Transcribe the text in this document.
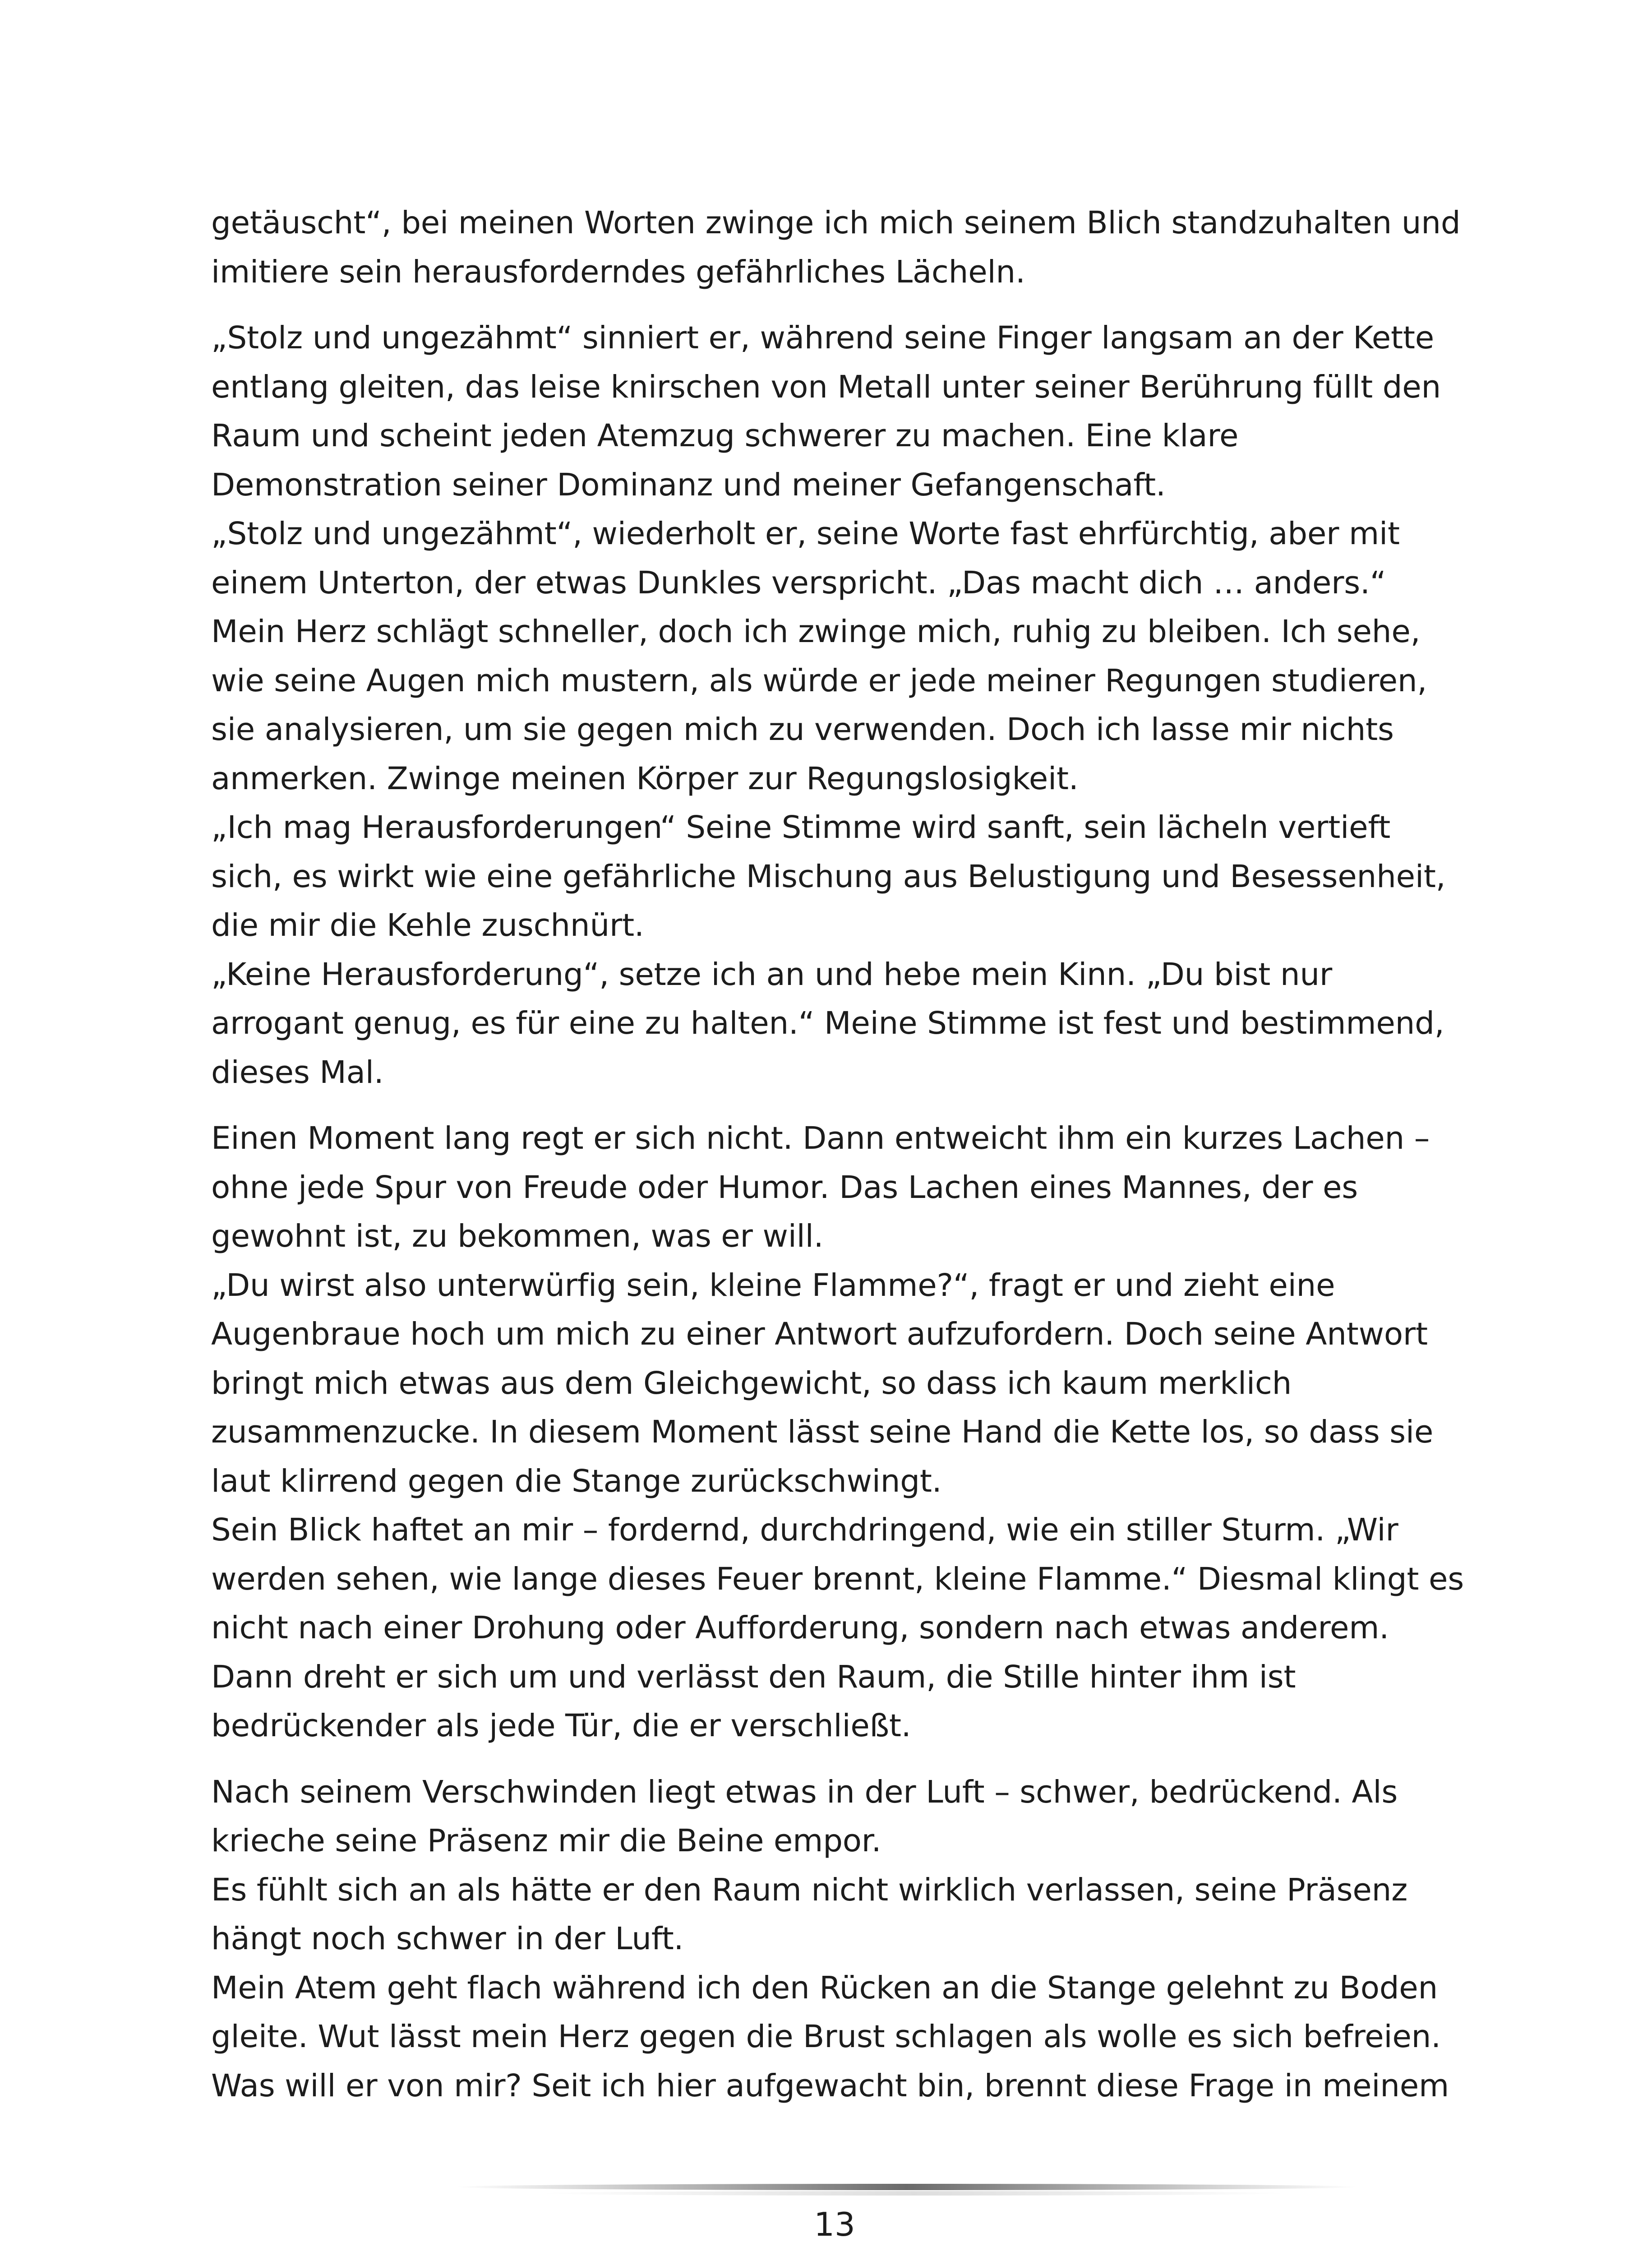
getäuscht“, bei meinen Worten zwinge ich mich seinem Blich standzuhalten und
imitiere sein herausforderndes gefährliches Lächeln.
„Stolz und ungezähmt“ sinniert er, während seine Finger langsam an der Kette
entlang gleiten, das leise knirschen von Metall unter seiner Berührung füllt den
Raum und scheint jeden Atemzug schwerer zu machen. Eine klare
Demonstration seiner Dominanz und meiner Gefangenschaft.
„Stolz und ungezähmt“, wiederholt er, seine Worte fast ehrfürchtig, aber mit
einem Unterton, der etwas Dunkles verspricht. „Das macht dich … anders.“
Mein Herz schlägt schneller, doch ich zwinge mich, ruhig zu bleiben. Ich sehe,
wie seine Augen mich mustern, als würde er jede meiner Regungen studieren,
sie analysieren, um sie gegen mich zu verwenden. Doch ich lasse mir nichts
anmerken. Zwinge meinen Körper zur Regungslosigkeit.
„Ich mag Herausforderungen“ Seine Stimme wird sanft, sein lächeln vertieft
sich, es wirkt wie eine gefährliche Mischung aus Belustigung und Besessenheit,
die mir die Kehle zuschnürt.
„Keine Herausforderung“, setze ich an und hebe mein Kinn. „Du bist nur
arrogant genug, es für eine zu halten.“ Meine Stimme ist fest und bestimmend,
dieses Mal.
Einen Moment lang regt er sich nicht. Dann entweicht ihm ein kurzes Lachen –
ohne jede Spur von Freude oder Humor. Das Lachen eines Mannes, der es
gewohnt ist, zu bekommen, was er will.
„Du wirst also unterwürfig sein, kleine Flamme?“, fragt er und zieht eine
Augenbraue hoch um mich zu einer Antwort aufzufordern. Doch seine Antwort
bringt mich etwas aus dem Gleichgewicht, so dass ich kaum merklich
zusammenzucke. In diesem Moment lässt seine Hand die Kette los, so dass sie
laut klirrend gegen die Stange zurückschwingt.
Sein Blick haftet an mir – fordernd, durchdringend, wie ein stiller Sturm. „Wir
werden sehen, wie lange dieses Feuer brennt, kleine Flamme.“ Diesmal klingt es
nicht nach einer Drohung oder Aufforderung, sondern nach etwas anderem.
Dann dreht er sich um und verlässt den Raum, die Stille hinter ihm ist
bedrückender als jede Tür, die er verschließt.
Nach seinem Verschwinden liegt etwas in der Luft – schwer, bedrückend. Als
krieche seine Präsenz mir die Beine empor.
Es fühlt sich an als hätte er den Raum nicht wirklich verlassen, seine Präsenz
hängt noch schwer in der Luft.
Mein Atem geht flach während ich den Rücken an die Stange gelehnt zu Boden
gleite. Wut lässt mein Herz gegen die Brust schlagen als wolle es sich befreien.
Was will er von mir? Seit ich hier aufgewacht bin, brennt diese Frage in meinem
13
